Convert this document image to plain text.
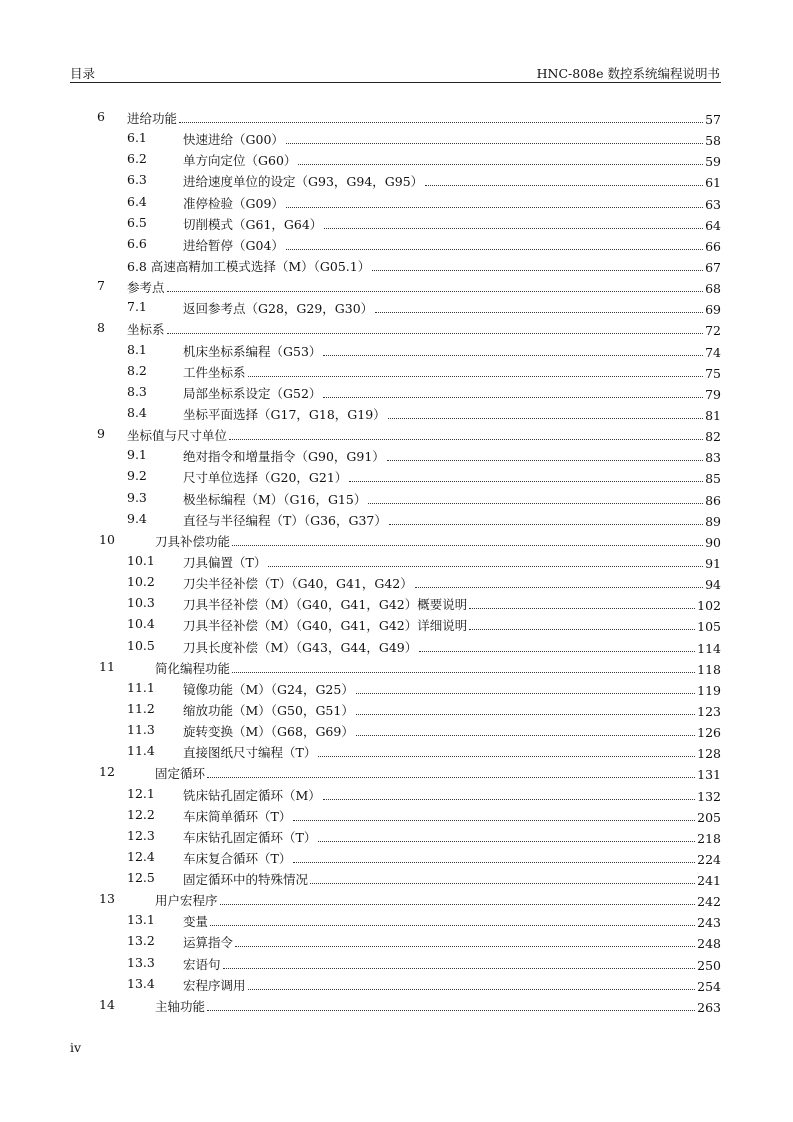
目录	HNC-808e 数控系统编程说明书
6 进给功能	57
6.1	快速进给（G00）	58
6.2	单方向定位（G60）	59
6.3	进给速度单位的设定（G93，G94，G95）	61
6.4	准停检验（G09）	63
6.5	切削模式（G61，G64）	64
6.6	进给暂停（G04）	66
6.8 高速高精加工模式选择（M）（G05.1）	67
7 参考点	68
7.1	返回参考点（G28，G29，G30）	69
8 坐标系	72
8.1	机床坐标系编程（G53）	74
8.2	工件坐标系	75
8.3	局部坐标系设定（G52）	79
8.4	坐标平面选择（G17，G18，G19）	81
9 坐标值与尺寸单位	82
9.1	绝对指令和增量指令（G90，G91）	83
9.2	尺寸单位选择（G20，G21）	85
9.3	极坐标编程（M）（G16，G15）	86
9.4	直径与半径编程（T）（G36，G37）	89
10	刀具补偿功能	90
10.1 刀具偏置（T）	91
10.2 刀尖半径补偿（T）（G40，G41，G42）	94
10.3 刀具半径补偿（M）（G40，G41，G42）概要说明	102
10.4 刀具半径补偿（M）（G40，G41，G42）详细说明	105
10.5 刀具长度补偿（M）（G43，G44，G49）	114
11	简化编程功能	118
11.1 镜像功能（M）（G24，G25）	119
11.2 缩放功能（M）（G50，G51）	123
11.3 旋转变换（M）（G68，G69）	126
11.4 直接图纸尺寸编程（T）	128
12	固定循环	131
12.1 铣床钻孔固定循环（M）	132
12.2 车床简单循环（T）	205
12.3 车床钻孔固定循环（T）	218
12.4 车床复合循环（T）	224
12.5 固定循环中的特殊情况	241
13	用户宏程序	242
13.1 变量	243
13.2 运算指令	248
13.3 宏语句	250
13.4 宏程序调用	254
14	主轴功能	263
iv
